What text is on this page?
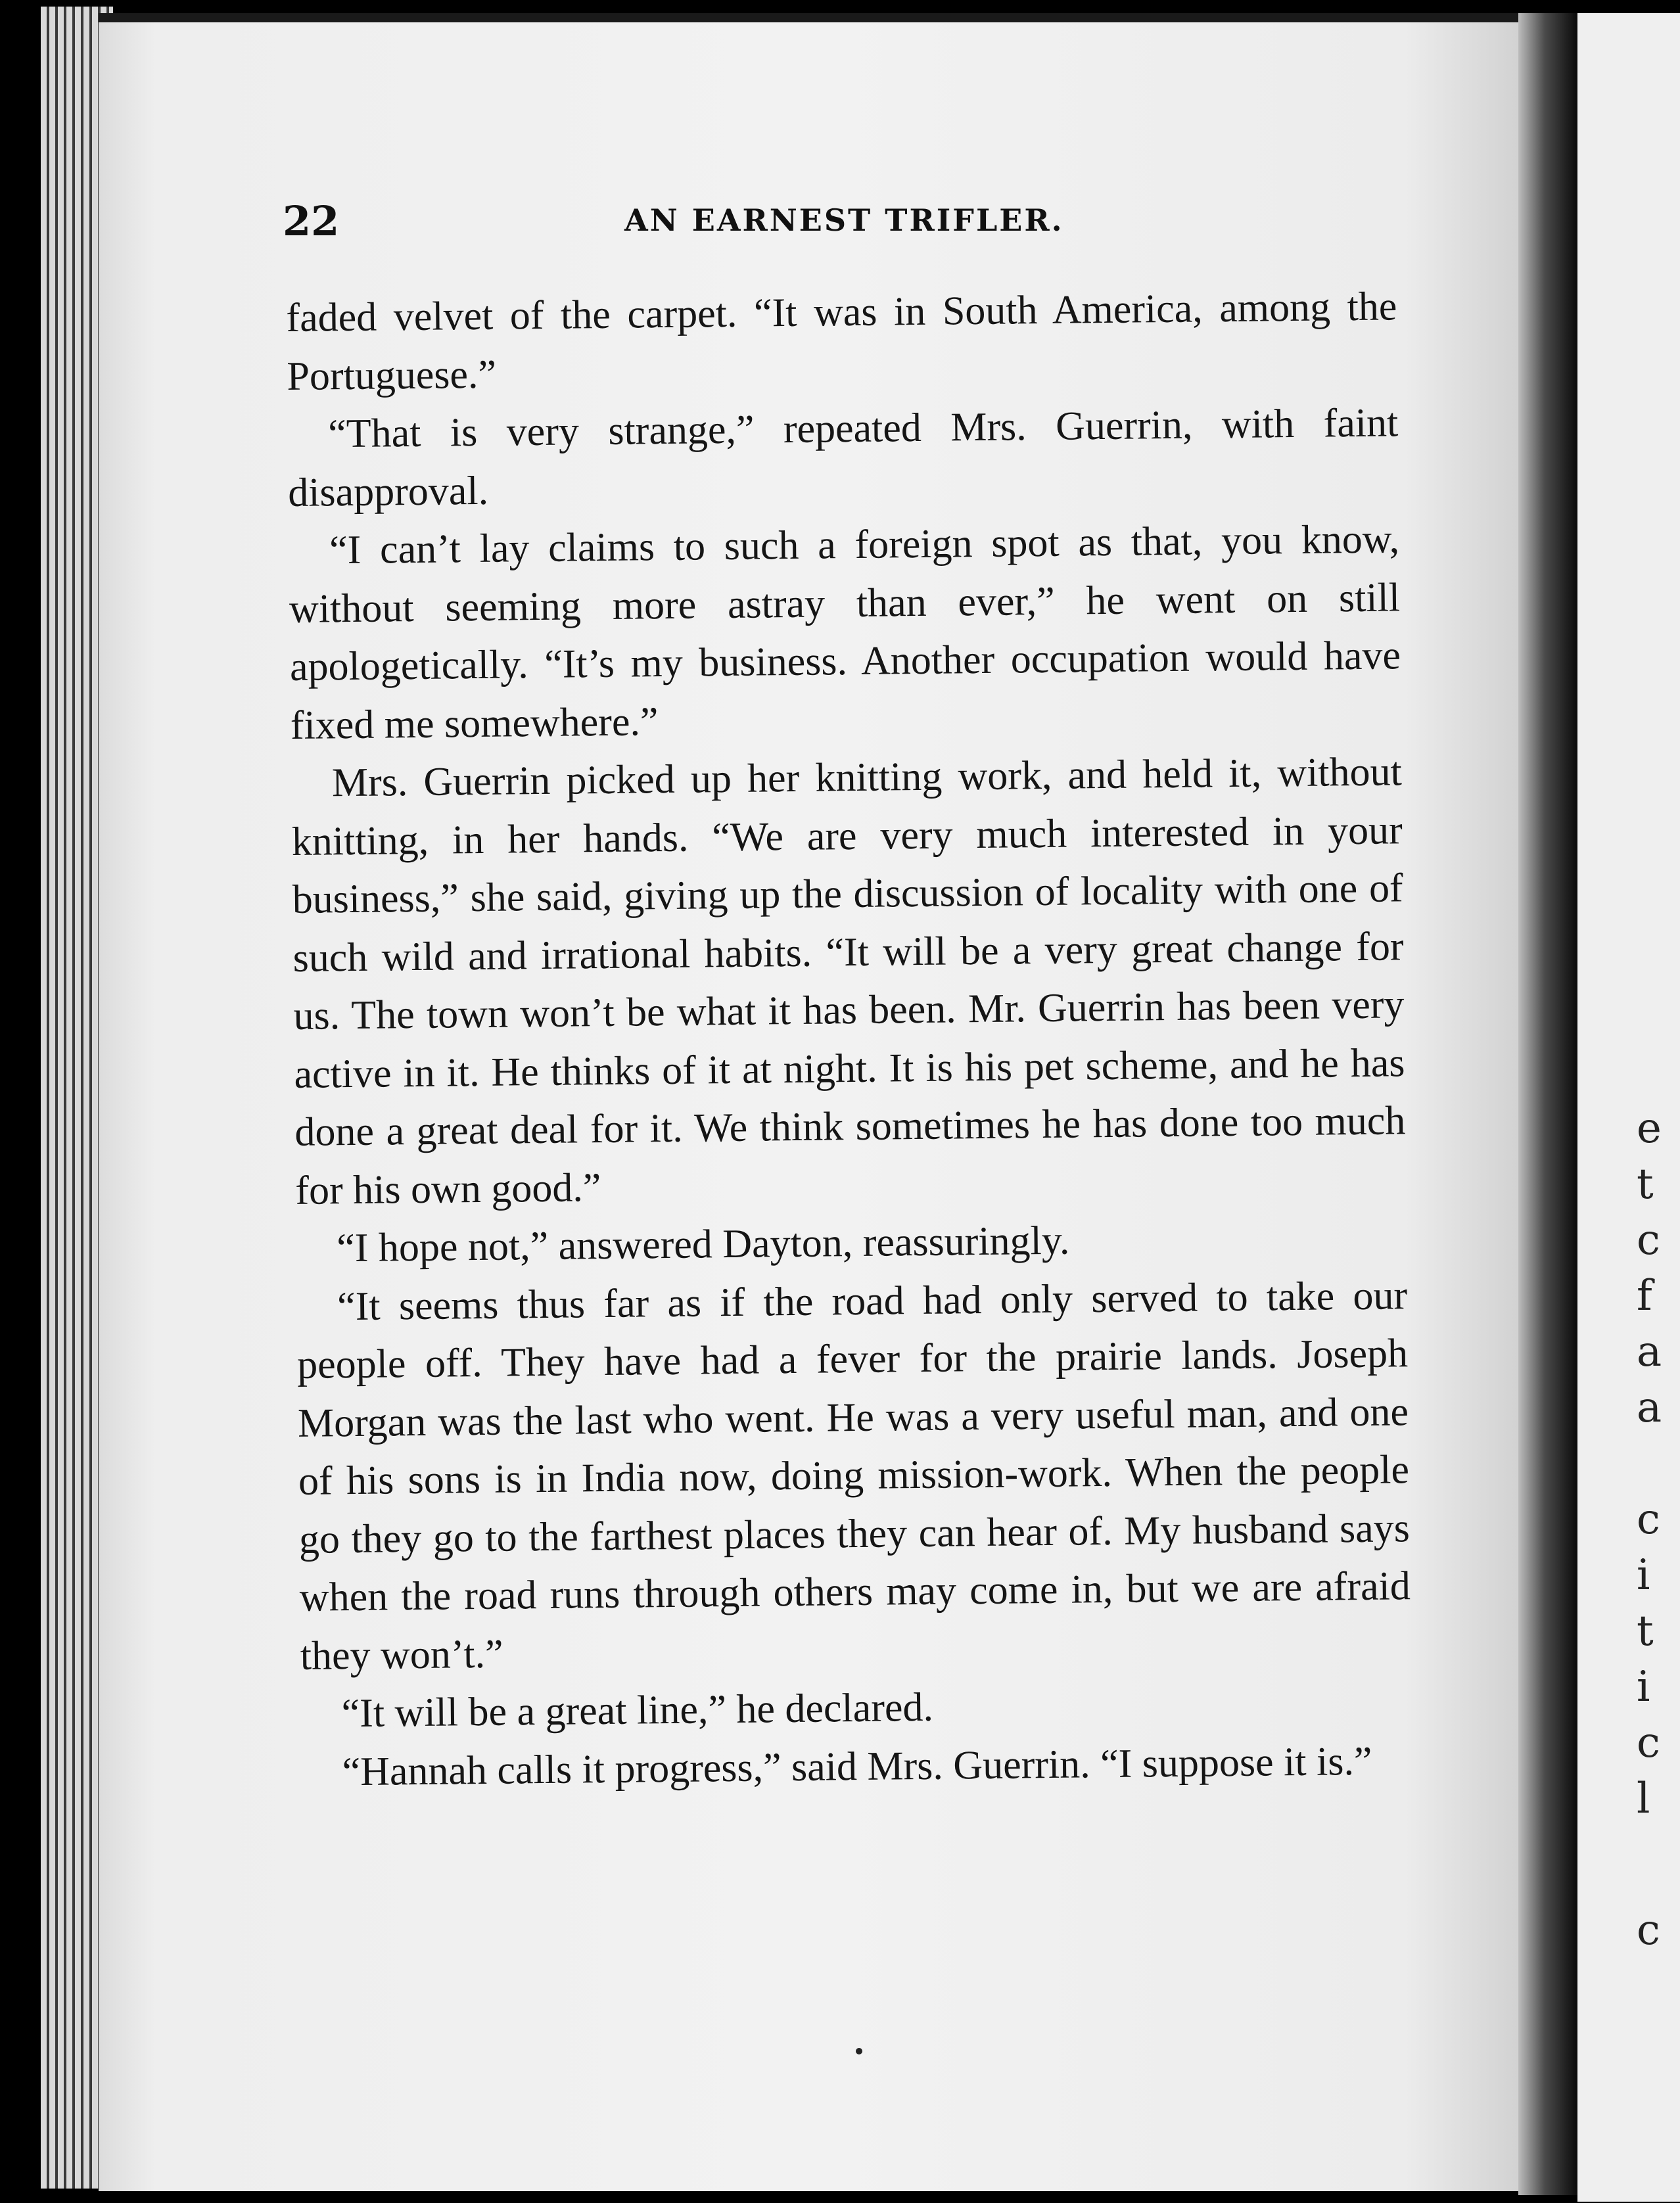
22	AN EARNEST TRIFLER.

faded velvet of the carpet. “It was in South America, among the Portuguese.”

“That is very strange,” repeated Mrs. Guerrin, with faint disapproval.

“I can’t lay claims to such a foreign spot as that, you know, without seeming more astray than ever,” he went on still apologetically. “It’s my business. Another occupation would have fixed me somewhere.”

Mrs. Guerrin picked up her knitting work, and held it, without knitting, in her hands. “We are very much interested in your business,” she said, giving up the discussion of locality with one of such wild and irrational habits. “It will be a very great change for us. The town won’t be what it has been. Mr. Guerrin has been very active in it. He thinks of it at night. It is his pet scheme, and he has done a great deal for it. We think sometimes he has done too much for his own good.”

“I hope not,” answered Dayton, reassuringly.

“It seems thus far as if the road had only served to take our people off. They have had a fever for the prairie lands. Joseph Morgan was the last who went. He was a very useful man, and one of his sons is in India now, doing mission-work. When the people go they go to the farthest places they can hear of. My husband says when the road runs through others may come in, but we are afraid they won’t.”

“It will be a great line,” he declared.

“Hannah calls it progress,” said Mrs. Guerrin. “I suppose it is.”

e
t
c
f
a
a
c
i
t
i
c
l
c
